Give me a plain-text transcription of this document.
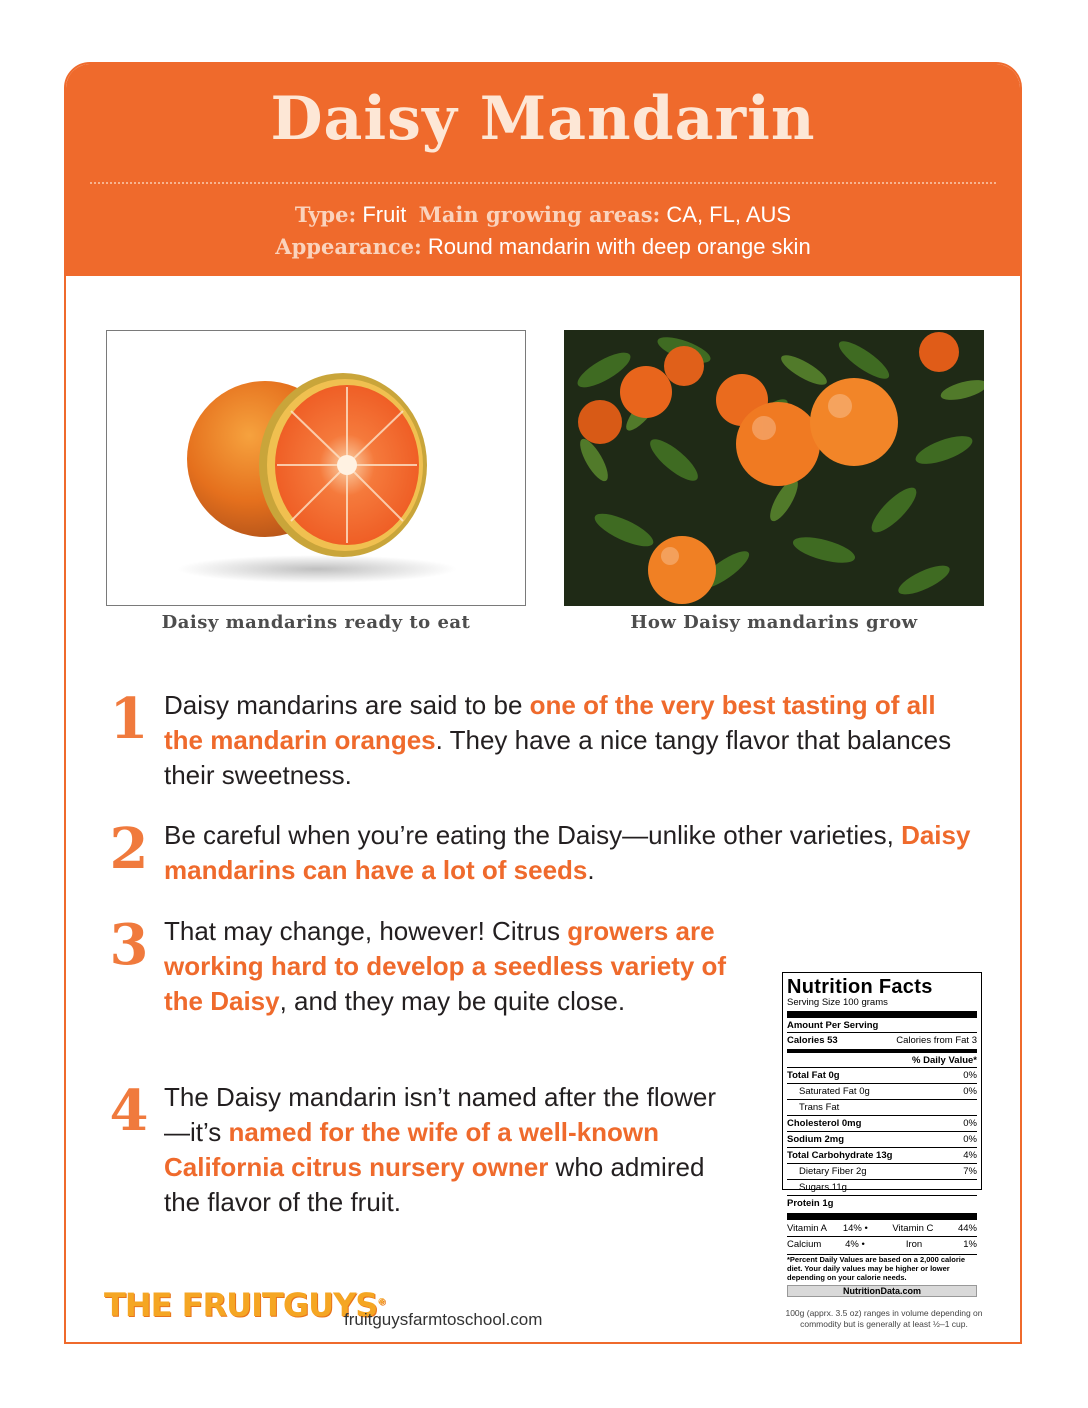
Daisy Mandarin
Type: Fruit Main growing areas: CA, FL, AUS
Appearance: Round mandarin with deep orange skin
Daisy mandarins ready to eat	How Daisy mandarins grow
1 Daisy mandarins are said to be one of the very best tasting of all the mandarin oranges. They have a nice tangy flavor that balances their sweetness.
2 Be careful when you’re eating the Daisy—unlike other varieties, Daisy mandarins can have a lot of seeds.
3 That may change, however! Citrus growers are working hard to develop a seedless variety of the Daisy, and they may be quite close.
4 The Daisy mandarin isn’t named after the flower—it’s named for the wife of a well-known California citrus nursery owner who admired the flavor of the fruit.
Nutrition Facts
Serving Size 100 grams
Amount Per Serving
Calories 53	Calories from Fat 3
% Daily Value*
Total Fat 0g	0%
Saturated Fat 0g	0%
Trans Fat
Cholesterol 0mg	0%
Sodium 2mg	0%
Total Carbohydrate 13g	4%
Dietary Fiber 2g	7%
Sugars 11g
Protein 1g
Vitamin A 14% •	Vitamin C	44%
Calcium	4% •	Iron	1%
*Percent Daily Values are based on a 2,000 calorie diet. Your daily values may be higher or lower depending on your calorie needs.
NutritionData.com
100g (apprx. 3.5 oz) ranges in volume depending on commodity but is generally at least ½–1 cup.
THE FRUITGUYS®
fruitguysfarmtoschool.com
